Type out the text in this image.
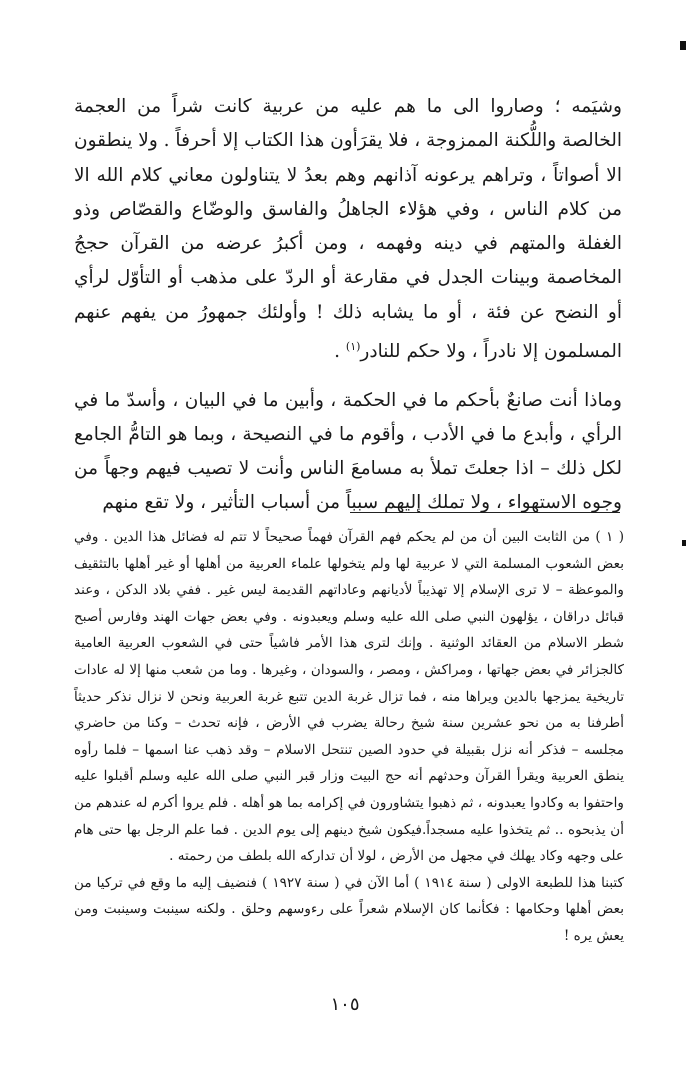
وشيَمه ؛ وصاروا الى ما هم عليه من عربية كانت شراً من العجمة الخالصة واللُّكنة الممزوجة ، فلا يقرَأون هذا الكتاب إلا أحرفاً . ولا ينطقون الا أصواتاً ، وتراهم يرعونه آذانهم وهم بعدُ لا يتناولون معاني كلام الله الا من كلام الناس ، وفي هؤلاء الجاهلُ والفاسق والوضّاع والقصّاص وذو الغفلة والمتهم في دينه وفهمه ، ومن أكبرُ عرضه من القرآن حججُ المخاصمة وبينات الجدل في مقارعة أو الردّ على مذهب أو التأوّل لرأي أو النضح عن فئة ، أو ما يشابه ذلك ! وأولئك جمهورُ من يفهم عنهم المسلمون إلا نادراً ، ولا حكم للنادر$^{(١)}$ .

وماذا أنت صانعٌ بأحكم ما في الحكمة ، وأبين ما في البيان ، وأسدّ ما في الرأي ، وأبدع ما في الأدب ، وأقوم ما في النصيحة ، وبما هو التامُّ الجامع لكل ذلك – اذا جعلتَ تملأ به مسامعَ الناس وأنت لا تصيب فيهم وجهاً من وجوه الاستهواء ، ولا تملك إليهم سبباً من أسباب التأثير ، ولا تقع منهم

( ١ ) من الثابت البين أن من لم يحكم فهم القرآن فهماً صحيحاً لا تتم له فضائل هذا الدين . وفي بعض الشعوب المسلمة التي لا عربية لها ولم يتخولها علماء العربية من أهلها أو غير أهلها بالتثقيف والموعظة – لا ترى الإسلام إلا تهذيباً لأديانهم وعاداتهم القديمة ليس غير . ففي بلاد الدكن ، وعند قبائل دراقان ، يؤلهون النبي صلى الله عليه وسلم ويعبدونه . وفي بعض جهات الهند وفارس أصبح شطر الاسلام من العقائد الوثنية . وإنك لترى هذا الأمر فاشياً حتى في الشعوب العربية العامية كالجزائر في بعض جهاتها ، ومراكش ، ومصر ، والسودان ، وغيرها . وما من شعب منها إلا له عادات تاريخية يمزجها بالدين ويراها منه ، فما تزال غربة الدين تتبع غربة العربية ونحن لا نزال نذكر حديثاً أطرفنا به من نحو عشرين سنة شيخ رحالة يضرب في الأرض ، فإنه تحدث – وكنا من حاضري مجلسه – فذكر أنه نزل بقبيلة في حدود الصين تنتحل الاسلام – وقد ذهب عنا اسمها – فلما رأوه ينطق العربية ويقرأ القرآن وحدثهم أنه حج البيت وزار قبر النبي صلى الله عليه وسلم أقبلوا عليه واحتفوا به وكادوا يعبدونه ، ثم ذهبوا يتشاورون في إكرامه بما هو أهله . فلم يروا أكرم له عندهم من أن يذبحوه .. ثم يتخذوا عليه مسجداً.فيكون شيخ دينهم إلى يوم الدين . فما علم الرجل بها حتى هام على وجهه وكاد يهلك في مجهل من الأرض ، لولا أن تداركه الله بلطف من رحمته .

كتبنا هذا للطبعة الاولى ( سنة ١٩١٤ ) أما الآن في ( سنة ١٩٢٧ ) فنضيف إليه ما وقع في تركيا من بعض أهلها وحكامها : فكأنما كان الإسلام شعراً على رءوسهم وحلق . ولكنه سينبت وسينبت ومن يعش يره !

١٠٥
